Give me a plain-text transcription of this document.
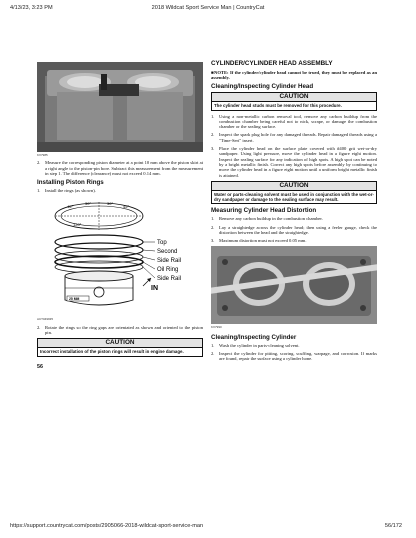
4/13/23, 3:23 PM	2018 Wildcat Sport Service Man | CountryCat
KX7985
2. Measure the corresponding piston diameter at a point 10 mm above the piston skirt at a right angle to the piston-pin bore. Subtract this measurement from the measurement in step 1. The difference (clearance) must not exceed 0.14 mm.
Installing Piston Rings
1. Install the rings (as shown).
45°
30°
120°
30°
45°
25 MM
Top
Second
Side Rail
Oil Ring
Side Rail
IN
ACT049935
2. Rotate the rings so the ring gaps are orientated as shown and oriented to the piston pin.
CAUTION
Incorrect installation of the piston rings will result in engine damage.
56
CYLINDER/CYLINDER HEAD ASSEMBLY
■NOTE: If the cylinder/cylinder head cannot be trued, they must be replaced as an assembly.
Cleaning/Inspecting Cylinder Head
CAUTION
The cylinder head studs must be removed for this procedure.
1. Using a non-metallic carbon removal tool, remove any carbon buildup from the combustion chamber being careful not to nick, scrape, or damage the combustion chamber or the sealing surface.
2. Inspect the spark plug hole for any damaged threads. Repair damaged threads using a "Time-Sert" insert.
3. Place the cylinder head on the surface plate covered with #400 grit wet-or-dry sandpaper. Using light pressure, move the cylinder head in a figure eight motion. Inspect the sealing surface for any indication of high spots. A high spot can be noted by a bright metallic finish. Correct any high spots before assembly by continuing to move the cylinder head in a figure eight motion until a uniform bright metallic finish is attained.
CAUTION
Water or parts-cleaning solvent must be used in conjunction with the wet-or-dry sandpaper or damage to the sealing surface may result.
Measuring Cylinder Head Distortion
1. Remove any carbon buildup in the combustion chamber.
2. Lay a straightedge across the cylinder head; then using a feeler gauge, check the distortion between the head and the straightedge.
3. Maximum distortion must not exceed 0.05 mm.
KX7990
Cleaning/Inspecting Cylinder
1. Wash the cylinder in parts-cleaning solvent.
2. Inspect the cylinder for pitting, scoring, scuffing, warpage, and corrosion. If marks are found, repair the surface using a cylinder hone.
https://support.countrycat.com/posts/2905066-2018-wildcat-sport-service-man	56/172
